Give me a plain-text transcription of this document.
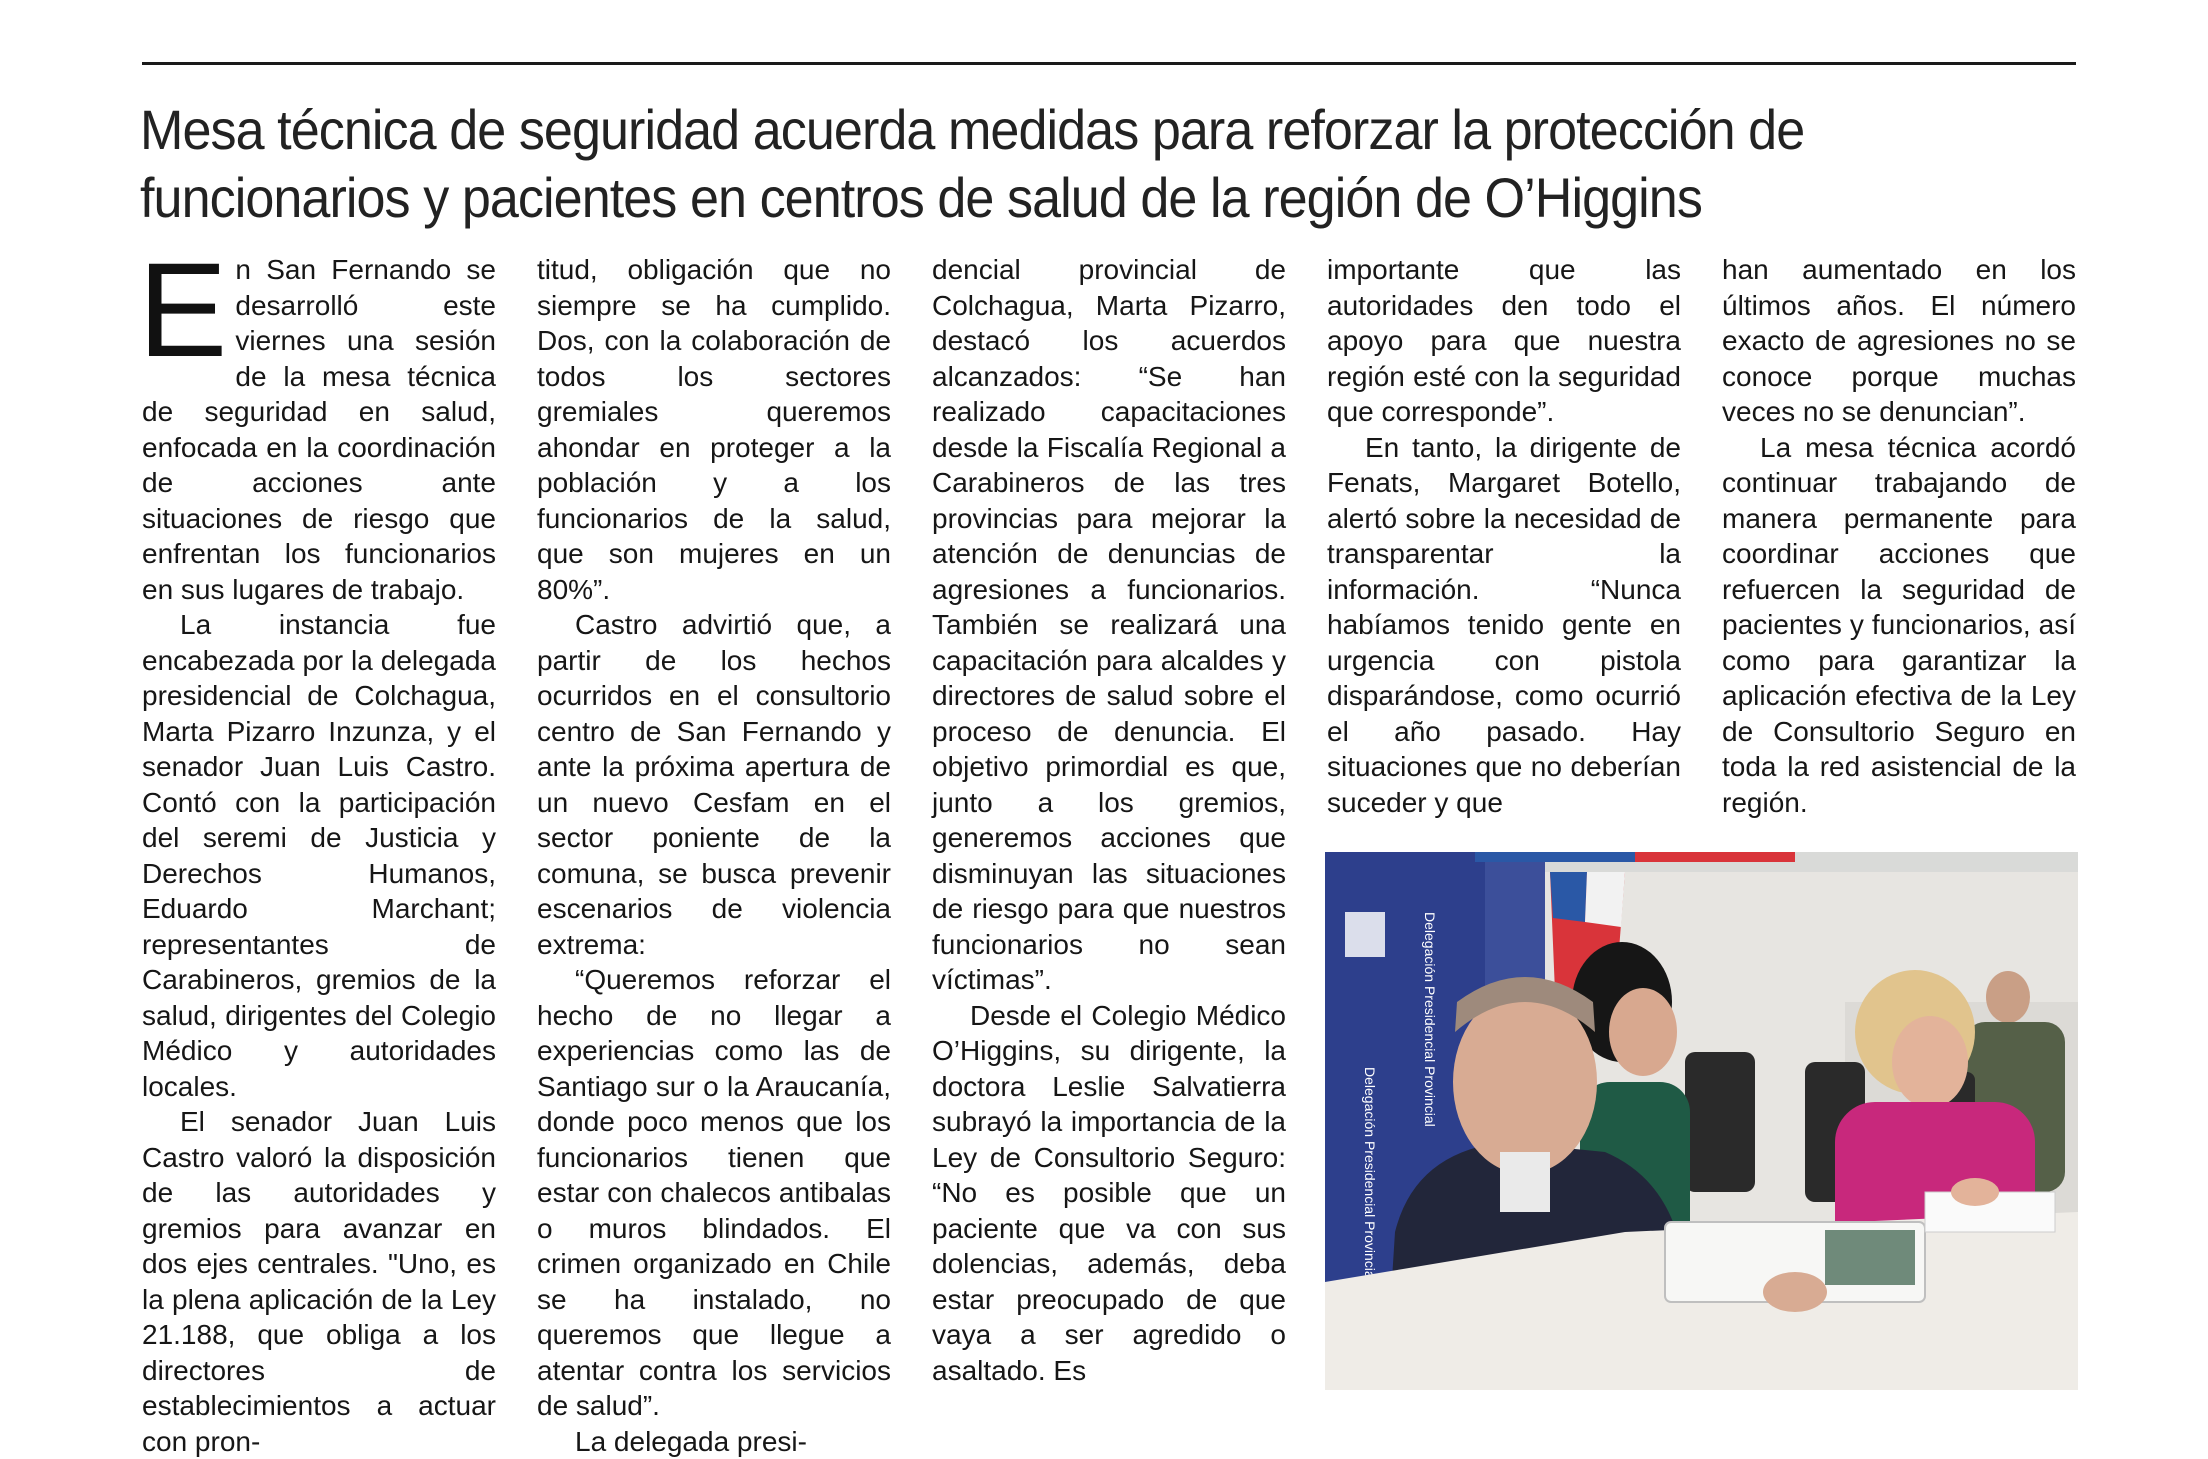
Mesa técnica de seguridad acuerda medidas para reforzar la protección de funcionarios y pacientes en centros de salud de la región de O’Higgins

En San Fernando se desarrolló este viernes una sesión de la mesa técnica de seguridad en salud, enfocada en la coordinación de acciones ante situaciones de riesgo que enfrentan los funcionarios en sus lugares de trabajo.

La instancia fue encabezada por la delegada presidencial de Colchagua, Marta Pizarro Inzunza, y el senador Juan Luis Castro. Contó con la participación del seremi de Justicia y Derechos Humanos, Eduardo Marchant; representantes de Carabineros, gremios de la salud, dirigentes del Colegio Médico y autoridades locales.

El senador Juan Luis Castro valoró la disposición de las autoridades y gremios para avanzar en dos ejes centrales. "Uno, es la plena aplicación de la Ley 21.188, que obliga a los directores de establecimientos a actuar con pron-

titud, obligación que no siempre se ha cumplido. Dos, con la colaboración de todos los sectores gremiales queremos ahondar en proteger a la población y a los funcionarios de la salud, que son mujeres en un 80%”.

Castro advirtió que, a partir de los hechos ocurridos en el consultorio centro de San Fernando y ante la próxima apertura de un nuevo Cesfam en el sector poniente de la comuna, se busca prevenir escenarios de violencia extrema:

“Queremos reforzar el hecho de no llegar a experiencias como las de Santiago sur o la Araucanía, donde poco menos que los funcionarios tienen que estar con chalecos antibalas o muros blindados. El crimen organizado en Chile se ha instalado, no queremos que llegue a atentar contra los servicios de salud”.

La delegada presi-

dencial provincial de Colchagua, Marta Pizarro, destacó los acuerdos alcanzados: “Se han realizado capacitaciones desde la Fiscalía Regional a Carabineros de las tres provincias para mejorar la atención de denuncias de agresiones a funcionarios. También se realizará una capacitación para alcaldes y directores de salud sobre el proceso de denuncia. El objetivo primordial es que, junto a los gremios, generemos acciones que disminuyan las situaciones de riesgo para que nuestros funcionarios no sean víctimas”.

Desde el Colegio Médico O’Higgins, su dirigente, la doctora Leslie Salvatierra subrayó la importancia de la Ley de Consultorio Seguro: “No es posible que un paciente que va con sus dolencias, además, deba estar preocupado de que vaya a ser agredido o asaltado. Es

importante que las autoridades den todo el apoyo para que nuestra región esté con la seguridad que corresponde”.

En tanto, la dirigente de Fenats, Margaret Botello, alertó sobre la necesidad de transparentar la información. “Nunca habíamos tenido gente en urgencia con pistola disparándose, como ocurrió el año pasado. Hay situaciones que no deberían suceder y que

han aumentado en los últimos años. El número exacto de agresiones no se conoce porque muchas veces no se denuncian”.

La mesa técnica acordó continuar trabajando de manera permanente para coordinar acciones que refuercen la seguridad de pacientes y funcionarios, así como para garantizar la aplicación efectiva de la Ley de Consultorio Seguro en toda la red asistencial de la región.

Delegación Presidencial Provincial
Delegación Presidencial Provincial
